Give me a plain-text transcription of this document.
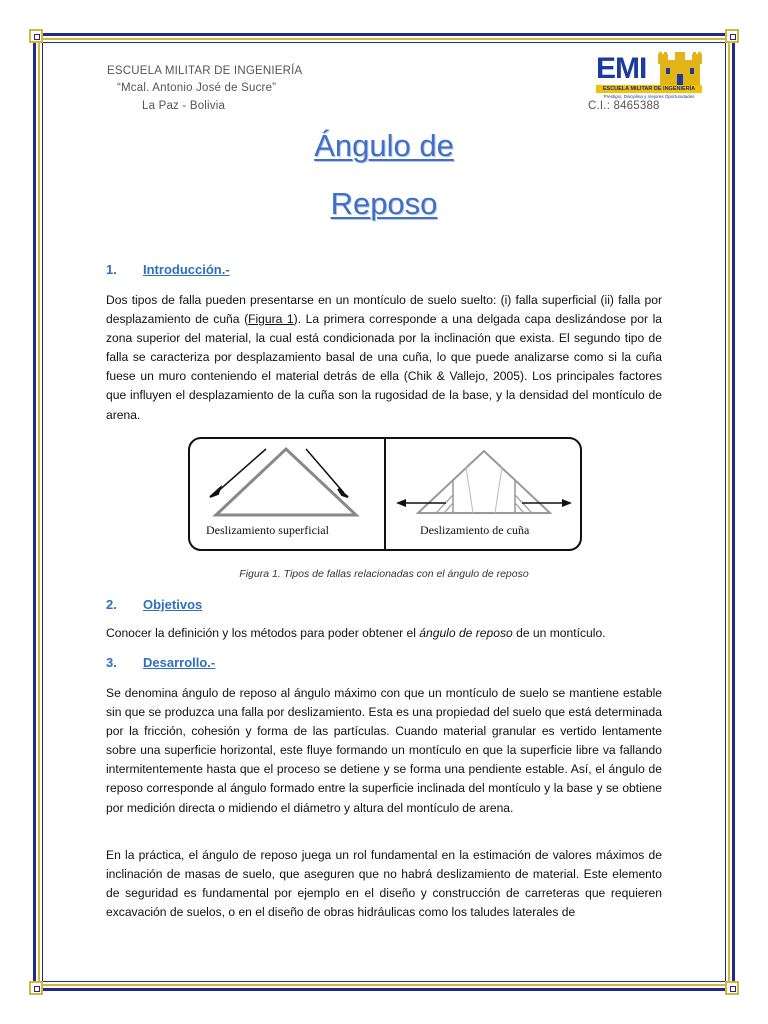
ESCUELA MILITAR DE INGENIERÍA
“Mcal. Antonio José de Sucre”
La Paz - Bolivia	C.I.: 8465388
EMI
ESCUELA MILITAR DE INGENIERÍA
Prestigio, Disciplina y mejores Oportunidades
Ángulo de
Reposo
1. Introducción.-
Dos tipos de falla pueden presentarse en un montículo de suelo suelto: (i) falla superficial (ii) falla por desplazamiento de cuña (Figura 1). La primera corresponde a una delgada capa deslizándose por la zona superior del material, la cual está condicionada por la inclinación que exista. El segundo tipo de falla se caracteriza por desplazamiento basal de una cuña, lo que puede analizarse como si la cuña fuese un muro conteniendo el material detrás de ella (Chik & Vallejo, 2005). Los principales factores que influyen el desplazamiento de la cuña son la rugosidad de la base, y la densidad del montículo de arena.
Deslizamiento superficial	Deslizamiento de cuña
Figura 1. Tipos de fallas relacionadas con el ángulo de reposo
2. Objetivos
Conocer la definición y los métodos para poder obtener el ángulo de reposo de un montículo.
3. Desarrollo.-
Se denomina ángulo de reposo al ángulo máximo con que un montículo de suelo se mantiene estable sin que se produzca una falla por deslizamiento. Esta es una propiedad del suelo que está determinada por la fricción, cohesión y forma de las partículas. Cuando material granular es vertido lentamente sobre una superficie horizontal, este fluye formando un montículo en que la superficie libre va fallando intermitentemente hasta que el proceso se detiene y se forma una pendiente estable. Así, el ángulo de reposo corresponde al ángulo formado entre la superficie inclinada del montículo y la base y se obtiene por medición directa o midiendo el diámetro y altura del montículo de arena.
En la práctica, el ángulo de reposo juega un rol fundamental en la estimación de valores máximos de inclinación de masas de suelo, que aseguren que no habrá deslizamiento de material. Este elemento de seguridad es fundamental por ejemplo en el diseño y construcción de carreteras que requieren excavación de suelos, o en el diseño de obras hidráulicas como los taludes laterales de
